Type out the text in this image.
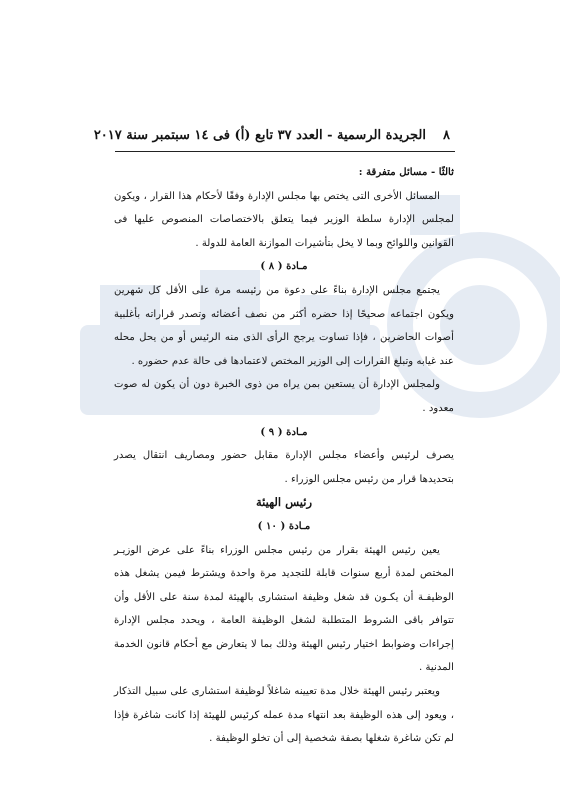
٨
الجريدة الرسمية - العدد ٣٧ تابع (أ) فى ١٤ سبتمبر سنة ٢٠١٧

ثالثًا - مسائل متفرقة :

المسائل الأخرى التى يختص بها مجلس الإدارة وفقًا لأحكام هذا القرار ، ويكون لمجلس الإدارة سلطة الوزير فيما يتعلق بالاختصاصات المنصوص عليها فى القوانين واللوائح وبما لا يخل بتأشيرات الموازنة العامة للدولة .

مـادة ( ٨ )

يجتمع مجلس الإدارة بناءً على دعوة من رئيسه مرة على الأقل كل شهرين ويكون اجتماعه صحيحًا إذا حضره أكثر من نصف أعضائه وتصدر قراراته بأغلبية أصوات الحاضرين ، فإذا تساوت يرجح الرأى الذى منه الرئيس أو من يحل محله عند غيابه وتبلغ القرارات إلى الوزير المختص لاعتمادها فى حالة عدم حضوره .

ولمجلس الإدارة أن يستعين بمن يراه من ذوى الخبرة دون أن يكون له صوت معدود .

مـادة ( ٩ )

يصرف لرئيس وأعضاء مجلس الإدارة مقابل حضور ومصاريف انتقال يصدر بتحديدها قرار من رئيس مجلس الوزراء .

رئيس الهيئة

مـادة ( ١٠ )

يعين رئيس الهيئة بقرار من رئيس مجلس الوزراء بناءً على عرض الوزيـر المختص لمدة أربع سنوات قابلة للتجديد مرة واحدة ويشترط فيمن يشغل هذه الوظيفـة أن يكـون قد شغل وظيفة استشارى بالهيئة لمدة سنة على الأقل وأن تتوافر باقى الشروط المتطلبة لشغل الوظيفة العامة ، ويحدد مجلس الإدارة إجراءات وضوابط اختيار رئيس الهيئة وذلك بما لا يتعارض مع أحكام قانون الخدمة المدنية .

ويعتبر رئيس الهيئة خلال مدة تعيينه شاغلاً لوظيفة استشارى على سبيل التذكار ، ويعود إلى هذه الوظيفة بعد انتهاء مدة عمله كرئيس للهيئة إذا كانت شاغرة فإذا لم تكن شاغرة شغلها بصفة شخصية إلى أن تخلو الوظيفة .
